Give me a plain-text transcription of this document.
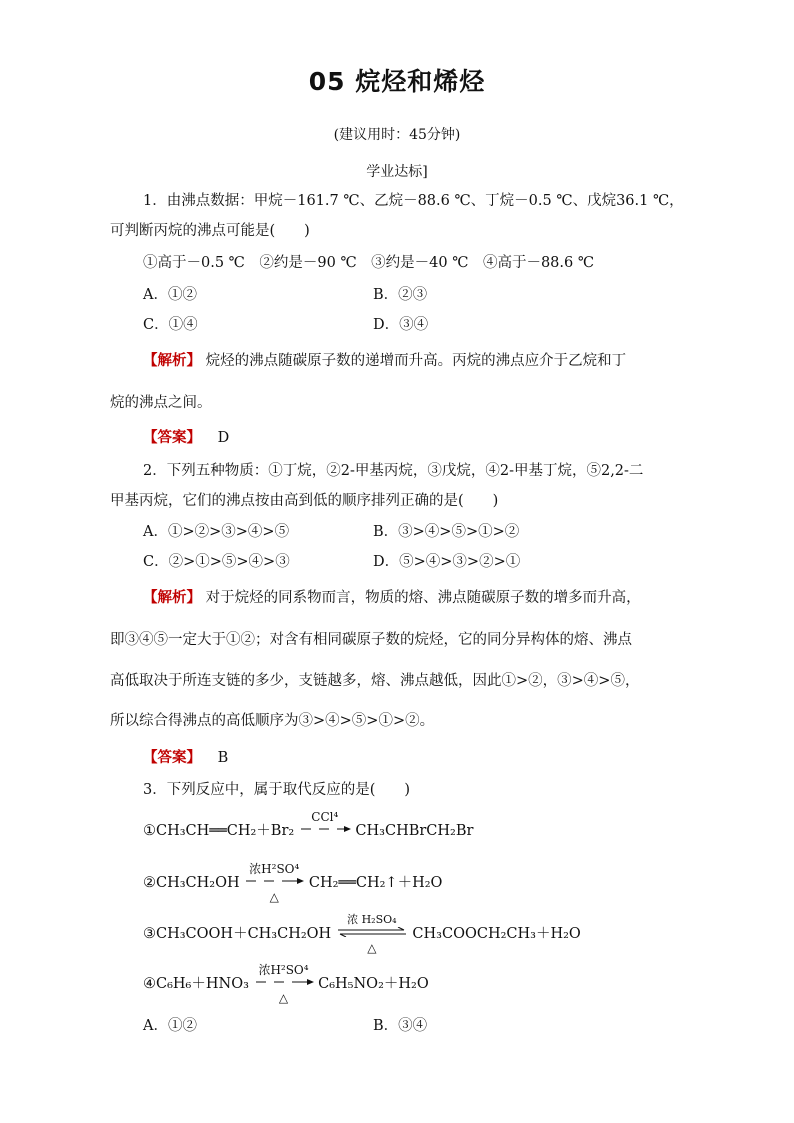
05 烷烃和烯烃
(建议用时：45分钟)
学业达标]
1．由沸点数据：甲烷－161.7 ℃、乙烷－88.6 ℃、丁烷－0.5 ℃、戊烷36.1 ℃，
可判断丙烷的沸点可能是(　　)
①高于－0.5 ℃　②约是－90 ℃　③约是－40 ℃　④高于－88.6 ℃
A．①②	B．②③
C．①④	D．③④
【解析】 烷烃的沸点随碳原子数的递增而升高。丙烷的沸点应介于乙烷和丁
烷的沸点之间。
【答案】 D
2．下列五种物质：①丁烷，②2-甲基丙烷，③戊烷，④2-甲基丁烷，⑤2,2-二
甲基丙烷，它们的沸点按由高到低的顺序排列正确的是(　　)
A．①>②>③>④>⑤	B．③>④>⑤>①>②
C．②>①>⑤>④>③	D．⑤>④>③>②>①
【解析】 对于烷烃的同系物而言，物质的熔、沸点随碳原子数的增多而升高，
即③④⑤一定大于①②；对含有相同碳原子数的烷烃，它的同分异构体的熔、沸点
高低取决于所连支链的多少，支链越多，熔、沸点越低，因此①>②，③>④>⑤，
所以综合得沸点的高低顺序为③>④>⑤>①>②。
【答案】 B
3．下列反应中，属于取代反应的是(　　)
①CH₃CH══CH₂＋Br₂
CCl⁴
CH₃CHBrCH₂Br
②CH₃CH₂OH
浓H²SO⁴
△
CH₂══CH₂↑＋H₂O
③CH₃COOH＋CH₃CH₂OH
浓 H₂SO₄
△
CH₃COOCH₂CH₃＋H₂O
④C₆H₆＋HNO₃
浓H²SO⁴
△
C₆H₅NO₂＋H₂O
A．①②	B．③④
